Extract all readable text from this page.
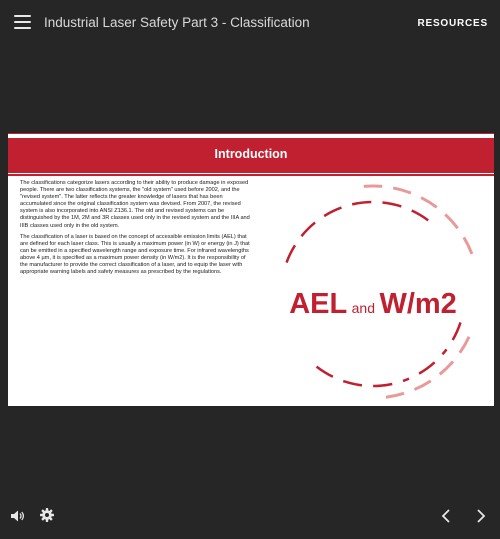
Industrial Laser Safety Part 3 - Classification	RESOURCES
Introduction

The classifications categorize lasers according to their ability to produce damage in exposed people. There are two classification systems, the "old system" used before 2002, and the "revised system". The latter reflects the greater knowledge of lasers that has been accumulated since the original classification system was devised. From 2007, the revised system is also incorporated into ANSI Z136.1. The old and revised systems can be distinguished by the 1M, 2M and 3R classes used only in the revised system and the IIIA and IIIB classes used only in the old system.

The classification of a laser is based on the concept of accessible emission limits (AEL) that are defined for each laser class. This is usually a maximum power (in W) or energy (in J) that can be emitted in a specified wavelength range and exposure time. For infrared wavelengths above 4 µm, it is specified as a maximum power density (in W/m2). It is the responsibility of the manufacturer to provide the correct classification of a laser, and to equip the laser with appropriate warning labels and safety measures as prescribed by the regulations.

AEL and W/m2
